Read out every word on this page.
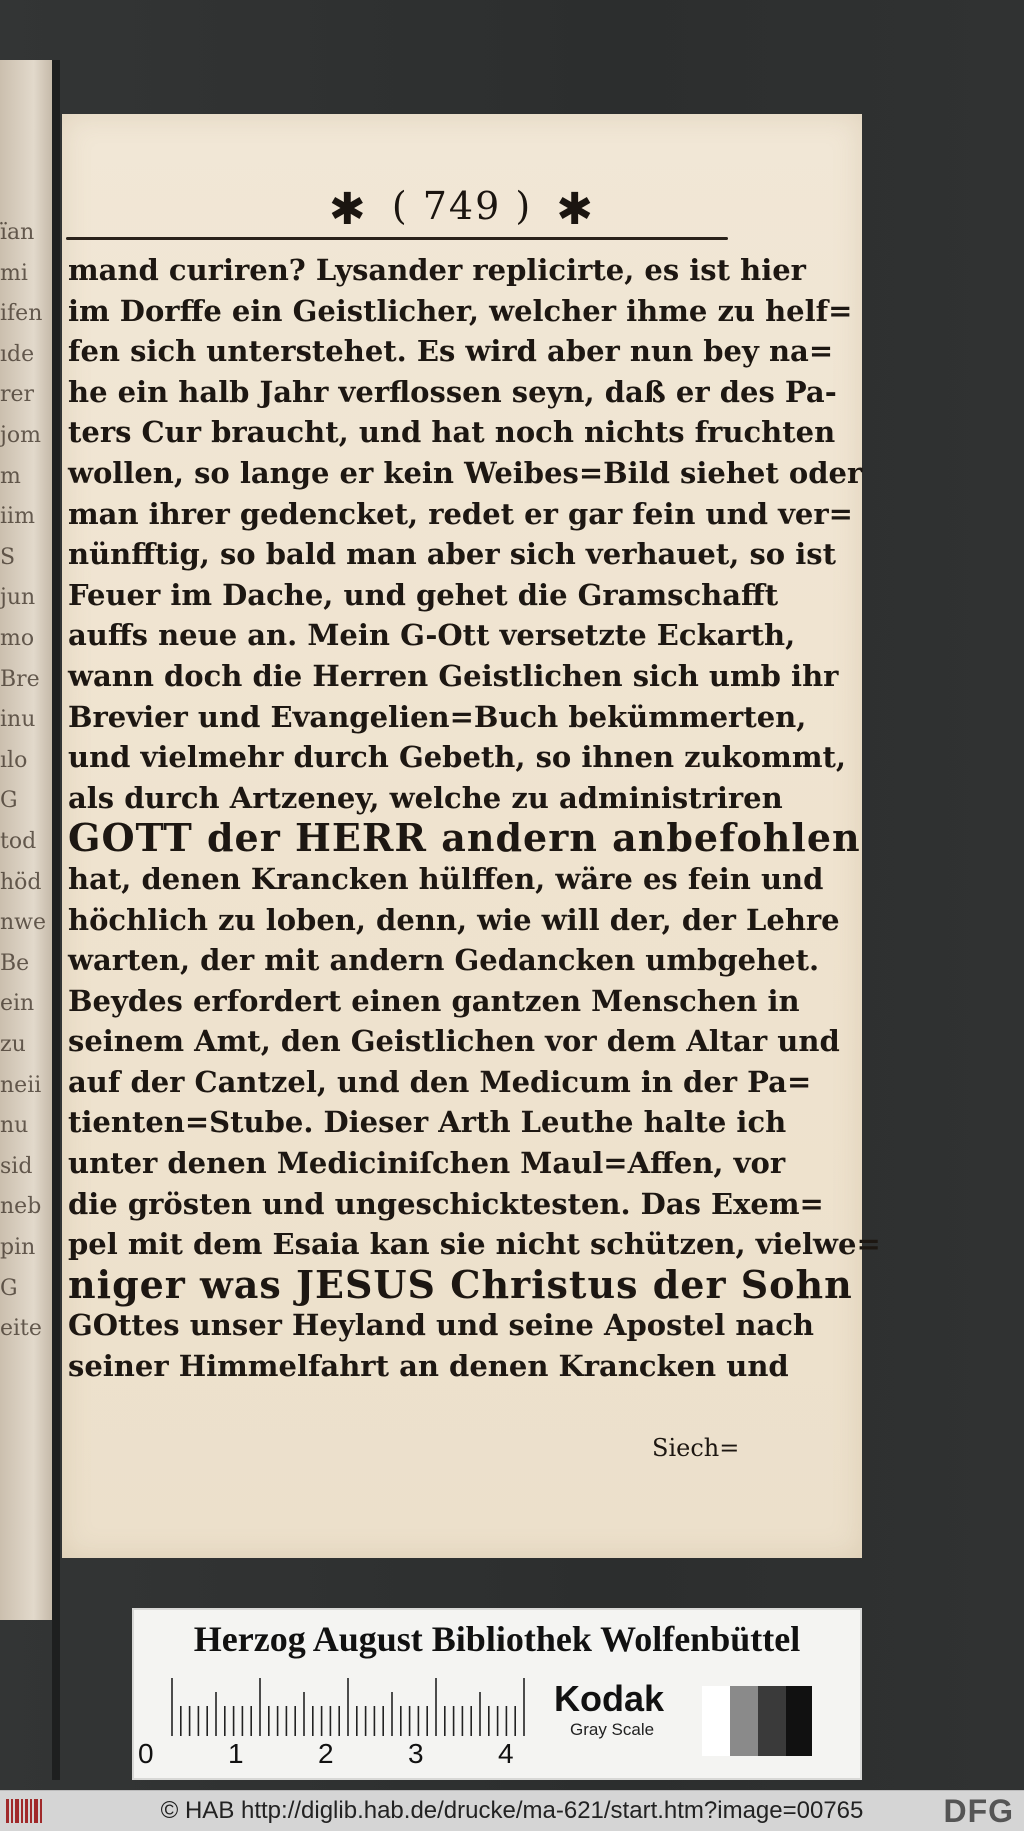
ïan
mi
ifen
ıde
rer
jom
m
iim
S
jun
mo
Bre
inu
ılo
G
tod
höd
nwe
Be
ein
zu
neii
nu
sid
neb
pin
G
eite
✱ ( 749 ) ✱
mand curiren? Lysander replicirte, es ist hier
im Dorffe ein Geistlicher, welcher ihme zu helf=
fen sich unterstehet. Es wird aber nun bey na=
he ein halb Jahr verflossen seyn, daß er des Pa-
ters Cur braucht, und hat noch nichts fruchten
wollen, so lange er kein Weibes=Bild siehet oder
man ihrer gedencket, redet er gar fein und ver=
nünfftig, so bald man aber sich verhauet, so ist
Feuer im Dache, und gehet die Gramschafft
auffs neue an. Mein G-Ott versetzte Eckarth,
wann doch die Herren Geistlichen sich umb ihr
Brevier und Evangelien=Buch bekümmerten,
und vielmehr durch Gebeth, so ihnen zukommt,
als durch Artzeney, welche zu administriren
GOTT der HERR andern anbefohlen
hat, denen Krancken hülffen, wäre es fein und
höchlich zu loben, denn, wie will der, der Lehre
warten, der mit andern Gedancken umbgehet.
Beydes erfordert einen gantzen Menschen in
seinem Amt, den Geistlichen vor dem Altar und
auf der Cantzel, und den Medicum in der Pa=
tienten=Stube. Dieser Arth Leuthe halte ich
unter denen Mediciniſchen Maul=Affen, vor
die grösten und ungeschicktesten. Das Exem=
pel mit dem Esaia kan sie nicht schützen, vielwe=
niger was JESUS Christus der Sohn
GOttes unser Heyland und seine Apostel nach
seiner Himmelfahrt an denen Krancken und
Siech=
Herzog August Bibliothek Wolfenbüttel
0	1	2	3	4
Kodak
Gray Scale
© HAB http://diglib.hab.de/drucke/ma-621/start.htm?image=00765	DFG
